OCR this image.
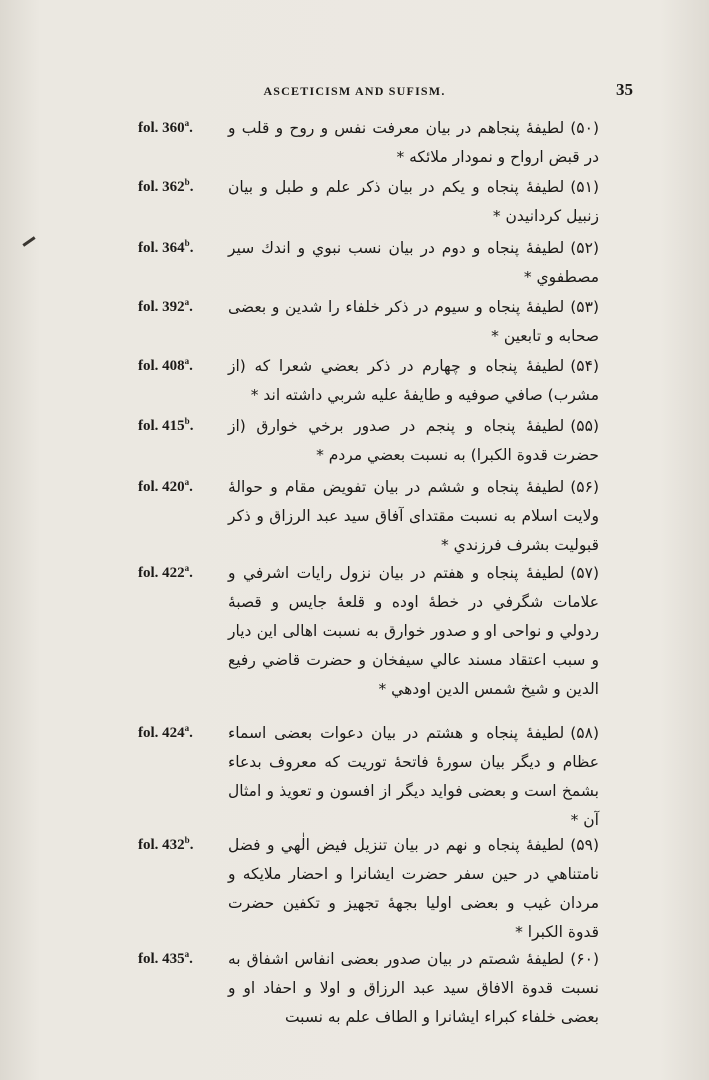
ASCETICISM AND SUFISM.	35
fol. 360$^a$.	(۵۰)لطيفۀ پنجاهم در بيان معرفت نفس و روح و قلب و در قبض ارواح و نمودار ملائكه *
fol. 362$^b$.	(۵۱)لطيفۀ پنجاه و يكم در بيان ذكر علم و طبل و بيان زنبيل كردانيدن *
fol. 364$^b$.	(۵۲)لطيفۀ پنجاه و دوم در بيان نسب نبوي و اندك سير مصطفوي *
fol. 392$^a$.	(۵۳)لطيفۀ پنجاه و سيوم در ذكر خلفاء را شدين و بعضى صحابه و تابعين *
fol. 408$^a$.	(۵۴)لطيفۀ پنجاه و چهارم در ذكر بعضي شعرا كه (از مشرب) صافي صوفيه و طايفۀ عليه شربي داشته اند *
fol. 415$^b$.	(۵۵)لطيفۀ پنجاه و پنجم در صدور برخي خوارق (از حضرت قدوة الكبرا) به نسبت بعضي مردم *
fol. 420$^a$.	(۵۶)لطيفۀ پنجاه و ششم در بيان تفويض مقام و حوالۀ ولايت اسلام به نسبت مقتداى آفاق سيد عبد الرزاق و ذكر قبوليت بشرف فرزندي *
fol. 422$^a$.	(۵۷)لطيفۀ پنجاه و هفتم در بيان نزول رايات اشرفي و علامات شگرفي در خطۀ اوده و قلعۀ جايس و قصبۀ ردولي و نواحى او و صدور خوارق به نسبت اهالى اين ديار و سبب اعتقاد مسند عالي سيفخان و حضرت قاضي رفيع الدين و شيخ شمس الدين اودهي *
fol. 424$^a$.	(۵۸)لطيفۀ پنجاه و هشتم در بيان دعوات بعضى اسماء عظام و ديگر بيان سورۀ فاتحۀ توريت كه معروف بدعاء بشمخ است و بعضى فوايد ديگر از افسون و تعويذ و امثال آن *
fol. 432$^b$.	(۵۹)لطيفۀ پنجاه و نهم در بيان تنزيل فيض الٰهي و فضل نامتناهي در حين سفر حضرت ايشانرا و احضار ملايكه و مردان غيب و بعضى اوليا بجهۀ تجهيز و تكفين حضرت قدوة الكبرا *
fol. 435$^a$.	(۶۰)لطيفۀ شصتم در بيان صدور بعضى انفاس اشفاق به نسبت قدوة الافاق سيد عبد الرزاق و اولا و احفاد او و بعضى خلفاء كبراء ايشانرا و الطاف علم به نسبت
